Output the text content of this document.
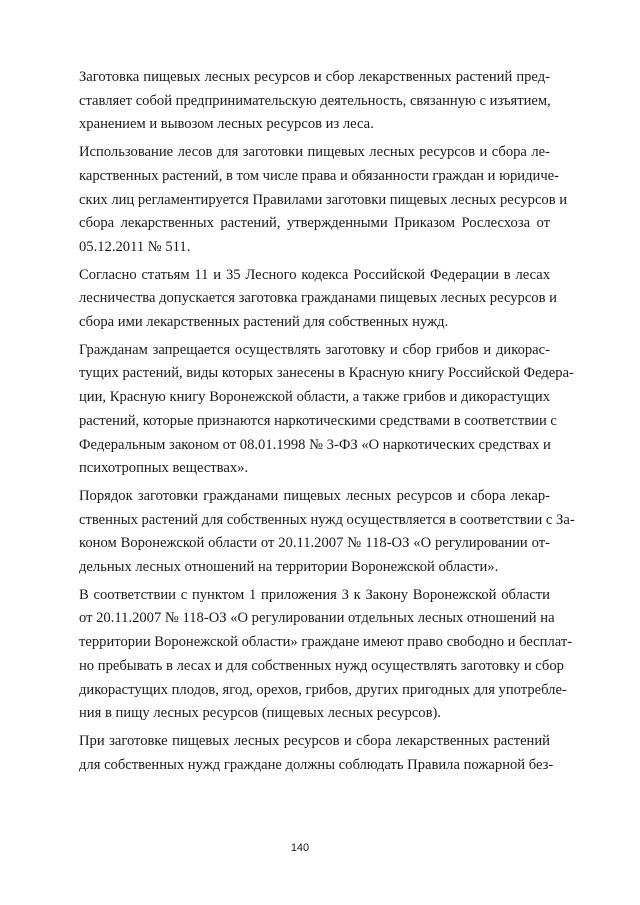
Заготовка пищевых лесных ресурсов и сбор лекарственных растений пред-
ставляет собой предпринимательскую деятельность, связанную с изъятием,
хранением и вывозом лесных ресурсов из леса.

Использование лесов для заготовки пищевых лесных ресурсов и сбора ле-
карственных растений, в том числе права и обязанности граждан и юридиче-
ских лиц регламентируется Правилами заготовки пищевых лесных ресурсов и
сбора лекарственных растений, утвержденными Приказом Рослесхоза от
05.12.2011 № 511.

Согласно статьям 11 и 35 Лесного кодекса Российской Федерации в лесах
лесничества допускается заготовка гражданами пищевых лесных ресурсов и
сбора ими лекарственных растений для собственных нужд.

Гражданам запрещается осуществлять заготовку и сбор грибов и дикорас-
тущих растений, виды которых занесены в Красную книгу Российской Федера-
ции, Красную книгу Воронежской области, а также грибов и дикорастущих
растений, которые признаются наркотическими средствами в соответствии с
Федеральным законом от 08.01.1998 № 3-ФЗ «О наркотических средствах и
психотропных веществах».

Порядок заготовки гражданами пищевых лесных ресурсов и сбора лекар-
ственных растений для собственных нужд осуществляется в соответствии с За-
коном Воронежской области от 20.11.2007 № 118-ОЗ «О регулировании от-
дельных лесных отношений на территории Воронежской области».

В соответствии с пунктом 1 приложения 3 к Закону Воронежской области
от 20.11.2007 № 118-ОЗ «О регулировании отдельных лесных отношений на
территории Воронежской области» граждане имеют право свободно и бесплат-
но пребывать в лесах и для собственных нужд осуществлять заготовку и сбор
дикорастущих плодов, ягод, орехов, грибов, других пригодных для употребле-
ния в пищу лесных ресурсов (пищевых лесных ресурсов).

При заготовке пищевых лесных ресурсов и сбора лекарственных растений
для собственных нужд граждане должны соблюдать Правила пожарной без-

140
